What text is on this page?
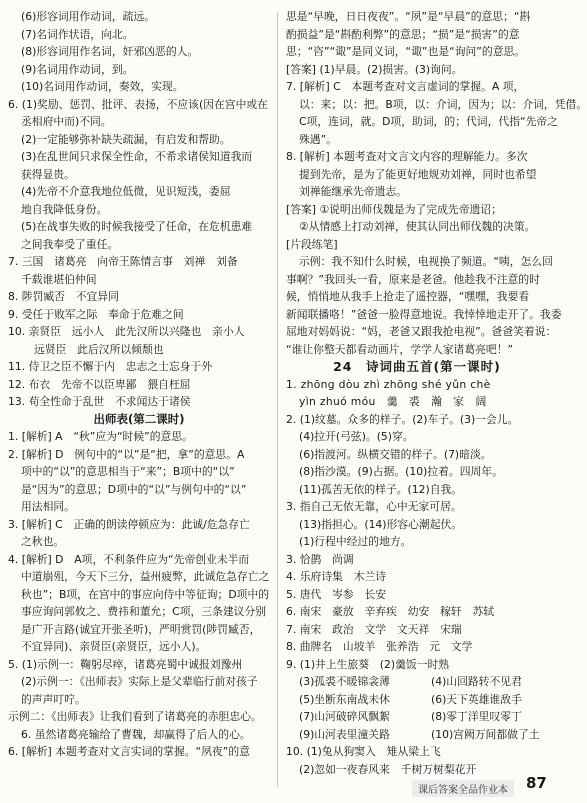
(6)形容词用作动词，疏远。
(7)名词作状语，向北。
(8)形容词用作名词，奸邪凶恶的人。
(9)名词用作动词，到。
(10)名词用作动词，奏效，实现。
6. (1)奖励、惩罚、批评、表扬，不应该(因在宫中或在
丞相府中而)不同。
(2)一定能够弥补缺失疏漏，有启发和帮助。
(3)在乱世间只求保全性命，不希求诸侯知道我而
获得显贵。
(4)先帝不介意我地位低微，见识短浅，委屈
地自我降低身份。
(5)在战事失败的时候我接受了任命，在危机患难
之间我奉受了重任。
7. 三国　诸葛亮　向帝王陈情言事　刘禅　刘备
千载谁堪伯仲间
8. 陟罚臧否　不宜异同
9. 受任于败军之际　奉命于危难之间
10. 亲贤臣　远小人　此先汉所以兴隆也　亲小人
远贤臣　此后汉所以倾颓也
11. 侍卫之臣不懈于内　忠志之士忘身于外
12. 布衣　先帝不以臣卑鄙　猥自枉屈
13. 苟全性命于乱世　不求闻达于诸侯
出师表(第二课时)
1. [解析] A　“秋”应为“时候”的意思。
2. [解析] D　例句中的“以”是“把，拿”的意思。A
项中的“以”的意思相当于“来”；B项中的“以”
是“因为”的意思；D项中的“以”与例句中的“以”
用法相同。
3. [解析] C　正确的朗读停顿应为：此诚/危急存亡
之秋也。
4. [解析] D　A项，不利条件应为“先帝创业未半而
中道崩殂，今天下三分，益州疲弊，此诚危急存亡之
秋也”；B项，在宫中的事应向侍中等征询；D项中的
事应询问郭攸之、费祎和董允；C项，三条建议分别
是广开言路(诚宜开张圣听)，严明赏罚(陟罚臧否，
不宜异同)、亲贤臣(亲贤臣，远小人)。
5. (1)示例一：鞠躬尽瘁，诸葛亮蜀中诚报刘豫州
(2)示例一：《出师表》实际上是父辈临行前对孩子
的声声叮咛。
示例二：《出师表》让我们看到了诸葛亮的赤胆忠心。
6. 虽然诸葛亮输给了曹魏，却赢得了后人的心。
6. [解析] 本题考查对文言实词的掌握。“夙夜”的意
思是“早晚，日日夜夜”。“夙”是“早晨”的意思；“斟
酌损益”是“斟酌利弊”的意思；“损”是“损害”的意
思；“咨”“诹”是同义词，“诹”也是“询问”的意思。
[答案] (1)早晨。(2)损害。(3)询问。
7. [解析] C　本题考查对文言虚词的掌握。A 项，
以：来；以：把。B项，以：介词，因为；以：介词，凭借。
C项，连词，就。D项，助词，的；代词，代指“先帝之
殊遇”。
8. [解析] 本题考查对文言文内容的理解能力。多次
提到先帝，是为了能更好地规劝刘禅，同时也希望
刘禅能继承先帝遗志。
[答案] ①说明出师伐魏是为了完成先帝遗诏；
②从情感上打动刘禅，使其认同出师伐魏的决策。
[片段练笔]
示例：我不知什么时候，电视换了频道。“咦，怎么回
事啊？”我回头一看，原来是老爸。他趁我不注意的时
候，悄悄地从我手上抢走了遥控器，“嘿嘿，我要看
新闻联播咯！”爸爸一脸得意地说。我悻悻地走开了。我委
屈地对妈妈说：“妈，老爸又跟我抢电视”。爸爸笑着说：
“谁让你整天都看动画片，学学人家诸葛亮吧！”
24　诗词曲五首(第一课时)
1. zhōng dòu zhì zhōng shé yǔn chè
yìn zhuó móu　羹　裘　瀚　家　阔
2. (1)纹墓。众多的样子。(2)车子。(3)一会儿。
(4)拉开(弓弦)。(5)穿。
(6)指渡河。纵横交错的样子。(7)暗淡。
(8)指沙漠。(9)占据。(10)拉着。四周年。
(11)孤苦无依的样子。(12)自我。
3. 指自己无依无靠，心中无家可居。
(13)指担心。(14)形容心潮起伏。
(1)行程中经过的地方。
3. 恰鹊　尚调
4. 乐府诗集　木兰诗
5. 唐代　岑参　长安
6. 南宋　豪放　辛弃疾　幼安　稼轩　苏轼
7. 南宋　政治　文学　文天祥　宋瑞
8. 曲牌名　山坡羊　张养浩　元　文学
9. (1)井上生旅葵　(2)羹饭一时熟
(3)孤裘不暖锦衾薄	(4)山回路转不见君
(5)坐断东南战未休	(6)天下英雄谁敌手
(7)山河破碎风飘絮	(8)零丁洋里叹零丁
(9)山河表里潼关路	(10)宫阙万间都做了土
10. (1)兔从狗窦入　雉从梁上飞
(2)忽如一夜春风来　千树万树梨花开
课后答案全品作业本	87
